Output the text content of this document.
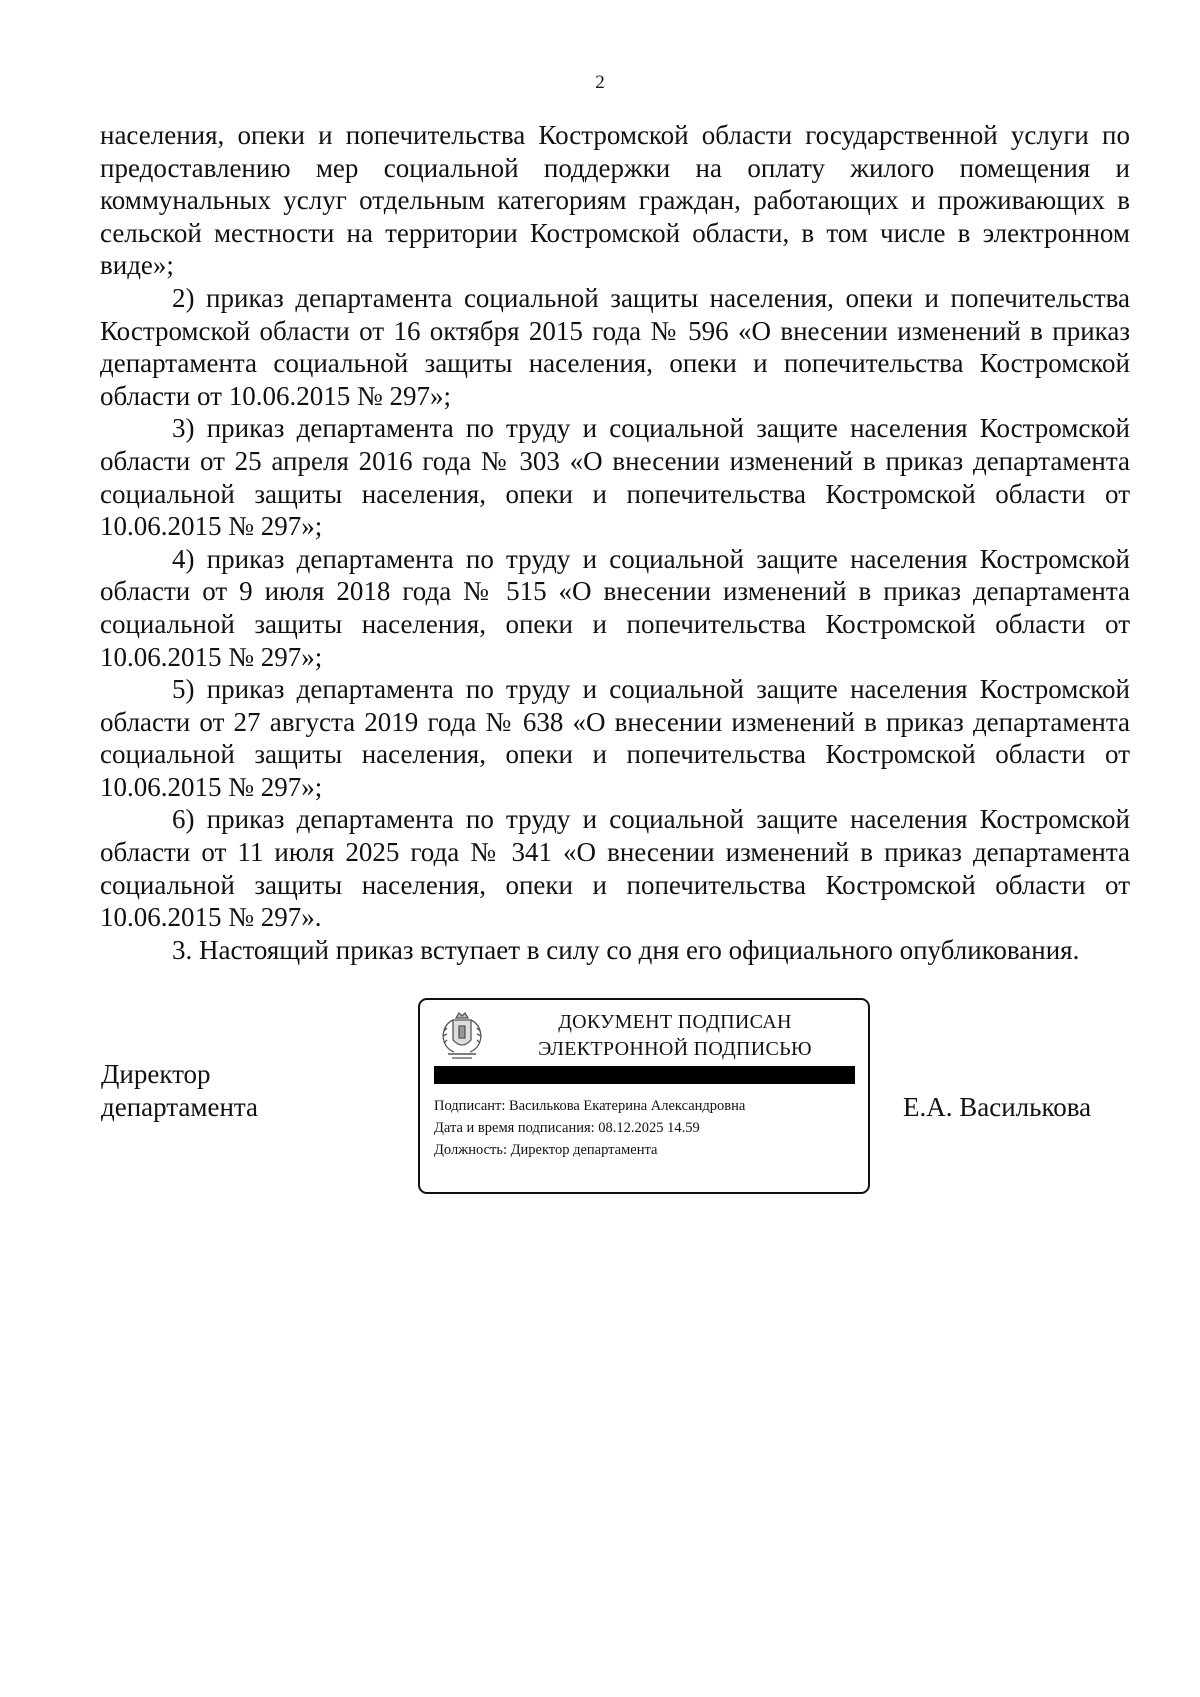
2

населения, опеки и попечительства Костромской области государственной услуги по предоставлению мер социальной поддержки на оплату жилого помещения и коммунальных услуг отдельным категориям граждан, работающих и проживающих в сельской местности на территории Костромской области, в том числе в электронном виде»;

2) приказ департамента социальной защиты населения, опеки и попечительства Костромской области от 16 октября 2015 года № 596 «О внесении изменений в приказ департамента социальной защиты населения, опеки и попечительства Костромской области от 10.06.2015 № 297»;

3) приказ департамента по труду и социальной защите населения Костромской области от 25 апреля 2016 года № 303 «О внесении изменений в приказ департамента социальной защиты населения, опеки и попечительства Костромской области от 10.06.2015 № 297»;

4) приказ департамента по труду и социальной защите населения Костромской области от 9 июля 2018 года № 515 «О внесении изменений в приказ департамента социальной защиты населения, опеки и попечительства Костромской области от 10.06.2015 № 297»;

5) приказ департамента по труду и социальной защите населения Костромской области от 27 августа 2019 года № 638 «О внесении изменений в приказ департамента социальной защиты населения, опеки и попечительства Костромской области от 10.06.2015 № 297»;

6) приказ департамента по труду и социальной защите населения Костромской области от 11 июля 2025 года № 341 «О внесении изменений в приказ департамента социальной защиты населения, опеки и попечительства Костромской области от 10.06.2015 № 297».

3. Настоящий приказ вступает в силу со дня его официального опубликования.

Директор
департамента
ДОКУМЕНТ ПОДПИСАН
ЭЛЕКТРОННОЙ ПОДПИСЬЮ
Подписант: Василькова Екатерина Александровна
Дата и время подписания: 08.12.2025 14.59
Должность: Директор департамента
Е.А. Василькова
